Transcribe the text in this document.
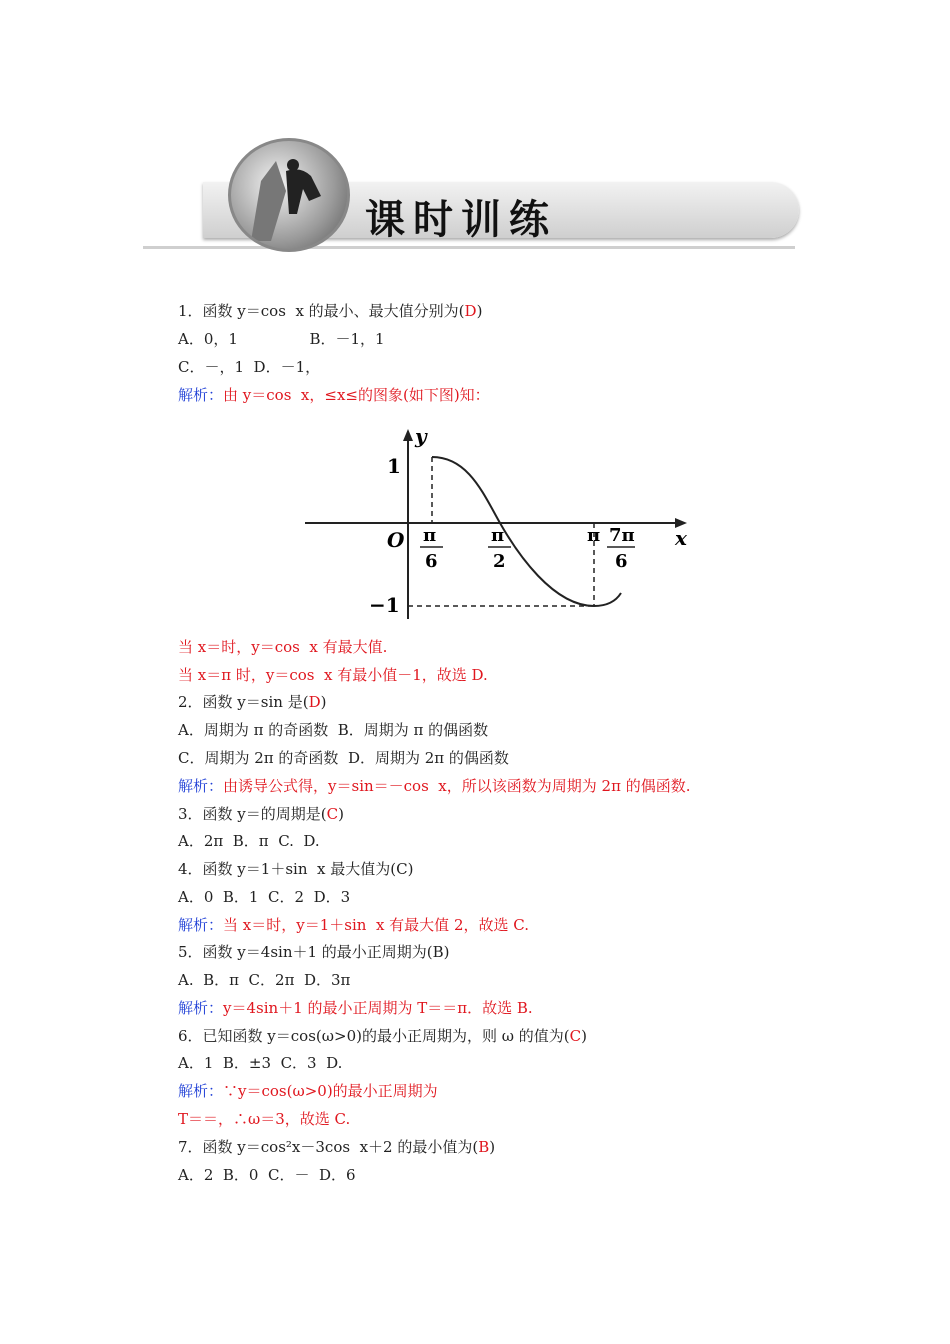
课时训练
1．函数 y＝cos  x 的最小、最大值分别为(D)
A．0，1               B．－1，1
C．－，1  D．－1，
解析：由 y＝cos  x，≤x≤的图象(如下图)知：
当 x＝时，y＝cos  x 有最大值.
当 x＝π 时，y＝cos  x 有最小值－1，故选 D.
2．函数 y＝sin 是(D)
A．周期为 π 的奇函数  B．周期为 π 的偶函数
C．周期为 2π 的奇函数  D．周期为 2π 的偶函数
解析：由诱导公式得，y＝sin＝－cos  x，所以该函数为周期为 2π 的偶函数.
3．函数 y＝的周期是(C)
A．2π  B．π  C.  D.
4．函数 y＝1＋sin  x 最大值为(C)
A．0  B．1  C．2  D．3
解析：当 x＝时，y＝1＋sin  x 有最大值 2，故选 C.
5．函数 y＝4sin＋1 的最小正周期为(B)
A.  B．π  C．2π  D．3π
解析：y＝4sin＋1 的最小正周期为 T＝＝π．故选 B.
6．已知函数 y＝cos(ω>0)的最小正周期为，则 ω 的值为(C)
A．1  B．±3  C．3  D.
解析：∵y＝cos(ω>0)的最小正周期为
T＝＝，∴ω＝3，故选 C.
7．函数 y＝cos²x－3cos  x＋2 的最小值为(B)
A．2  B．0  C．－  D．6
y
x
O
1
−1
π
6
π
2
π 7π
6
